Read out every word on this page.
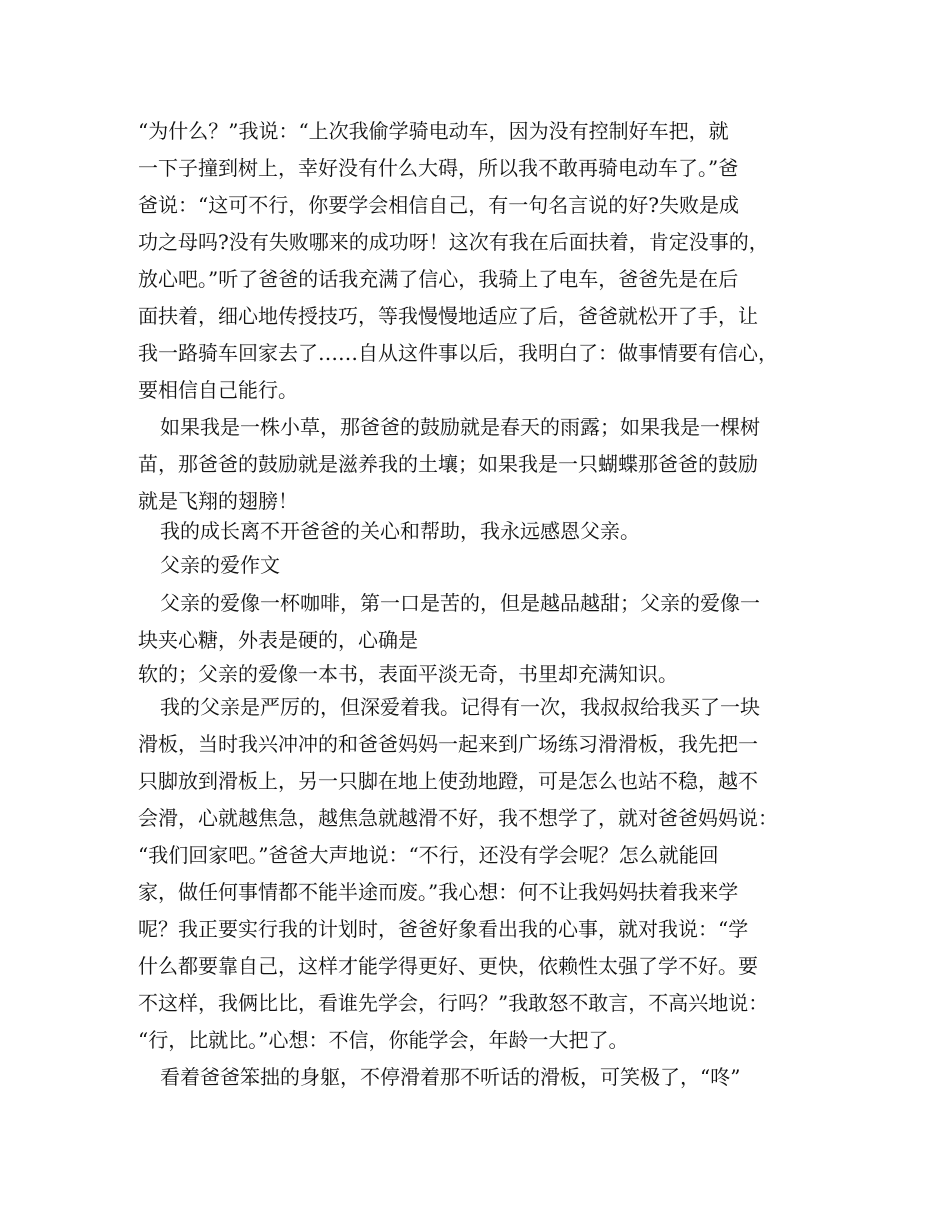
“为什么？”我说：“上次我偷学骑电动车，因为没有控制好车把，就
一下子撞到树上，幸好没有什么大碍，所以我不敢再骑电动车了。”爸
爸说：“这可不行，你要学会相信自己，有一句名言说的好?失败是成
功之母吗?没有失败哪来的成功呀！这次有我在后面扶着，肯定没事的，
放心吧。”听了爸爸的话我充满了信心，我骑上了电车，爸爸先是在后
面扶着，细心地传授技巧，等我慢慢地适应了后，爸爸就松开了手，让
我一路骑车回家去了……自从这件事以后，我明白了：做事情要有信心，
要相信自己能行。
如果我是一株小草，那爸爸的鼓励就是春天的雨露；如果我是一棵树
苗，那爸爸的鼓励就是滋养我的土壤；如果我是一只蝴蝶那爸爸的鼓励
就是飞翔的翅膀！
我的成长离不开爸爸的关心和帮助，我永远感恩父亲。
父亲的爱作文
父亲的爱像一杯咖啡，第一口是苦的，但是越品越甜；父亲的爱像一
块夹心糖，外表是硬的，心确是
软的；父亲的爱像一本书，表面平淡无奇，书里却充满知识。
我的父亲是严厉的，但深爱着我。记得有一次，我叔叔给我买了一块
滑板，当时我兴冲冲的和爸爸妈妈一起来到广场练习滑滑板，我先把一
只脚放到滑板上，另一只脚在地上使劲地蹬，可是怎么也站不稳，越不
会滑，心就越焦急，越焦急就越滑不好，我不想学了，就对爸爸妈妈说：
“我们回家吧。”爸爸大声地说：“不行，还没有学会呢？怎么就能回
家，做任何事情都不能半途而废。”我心想：何不让我妈妈扶着我来学
呢？我正要实行我的计划时，爸爸好象看出我的心事，就对我说：“学
什么都要靠自己，这样才能学得更好、更快，依赖性太强了学不好。要
不这样，我俩比比，看谁先学会，行吗？”我敢怒不敢言，不高兴地说：
“行，比就比。”心想：不信，你能学会，年龄一大把了。
看着爸爸笨拙的身躯，不停滑着那不听话的滑板，可笑极了，“咚”
